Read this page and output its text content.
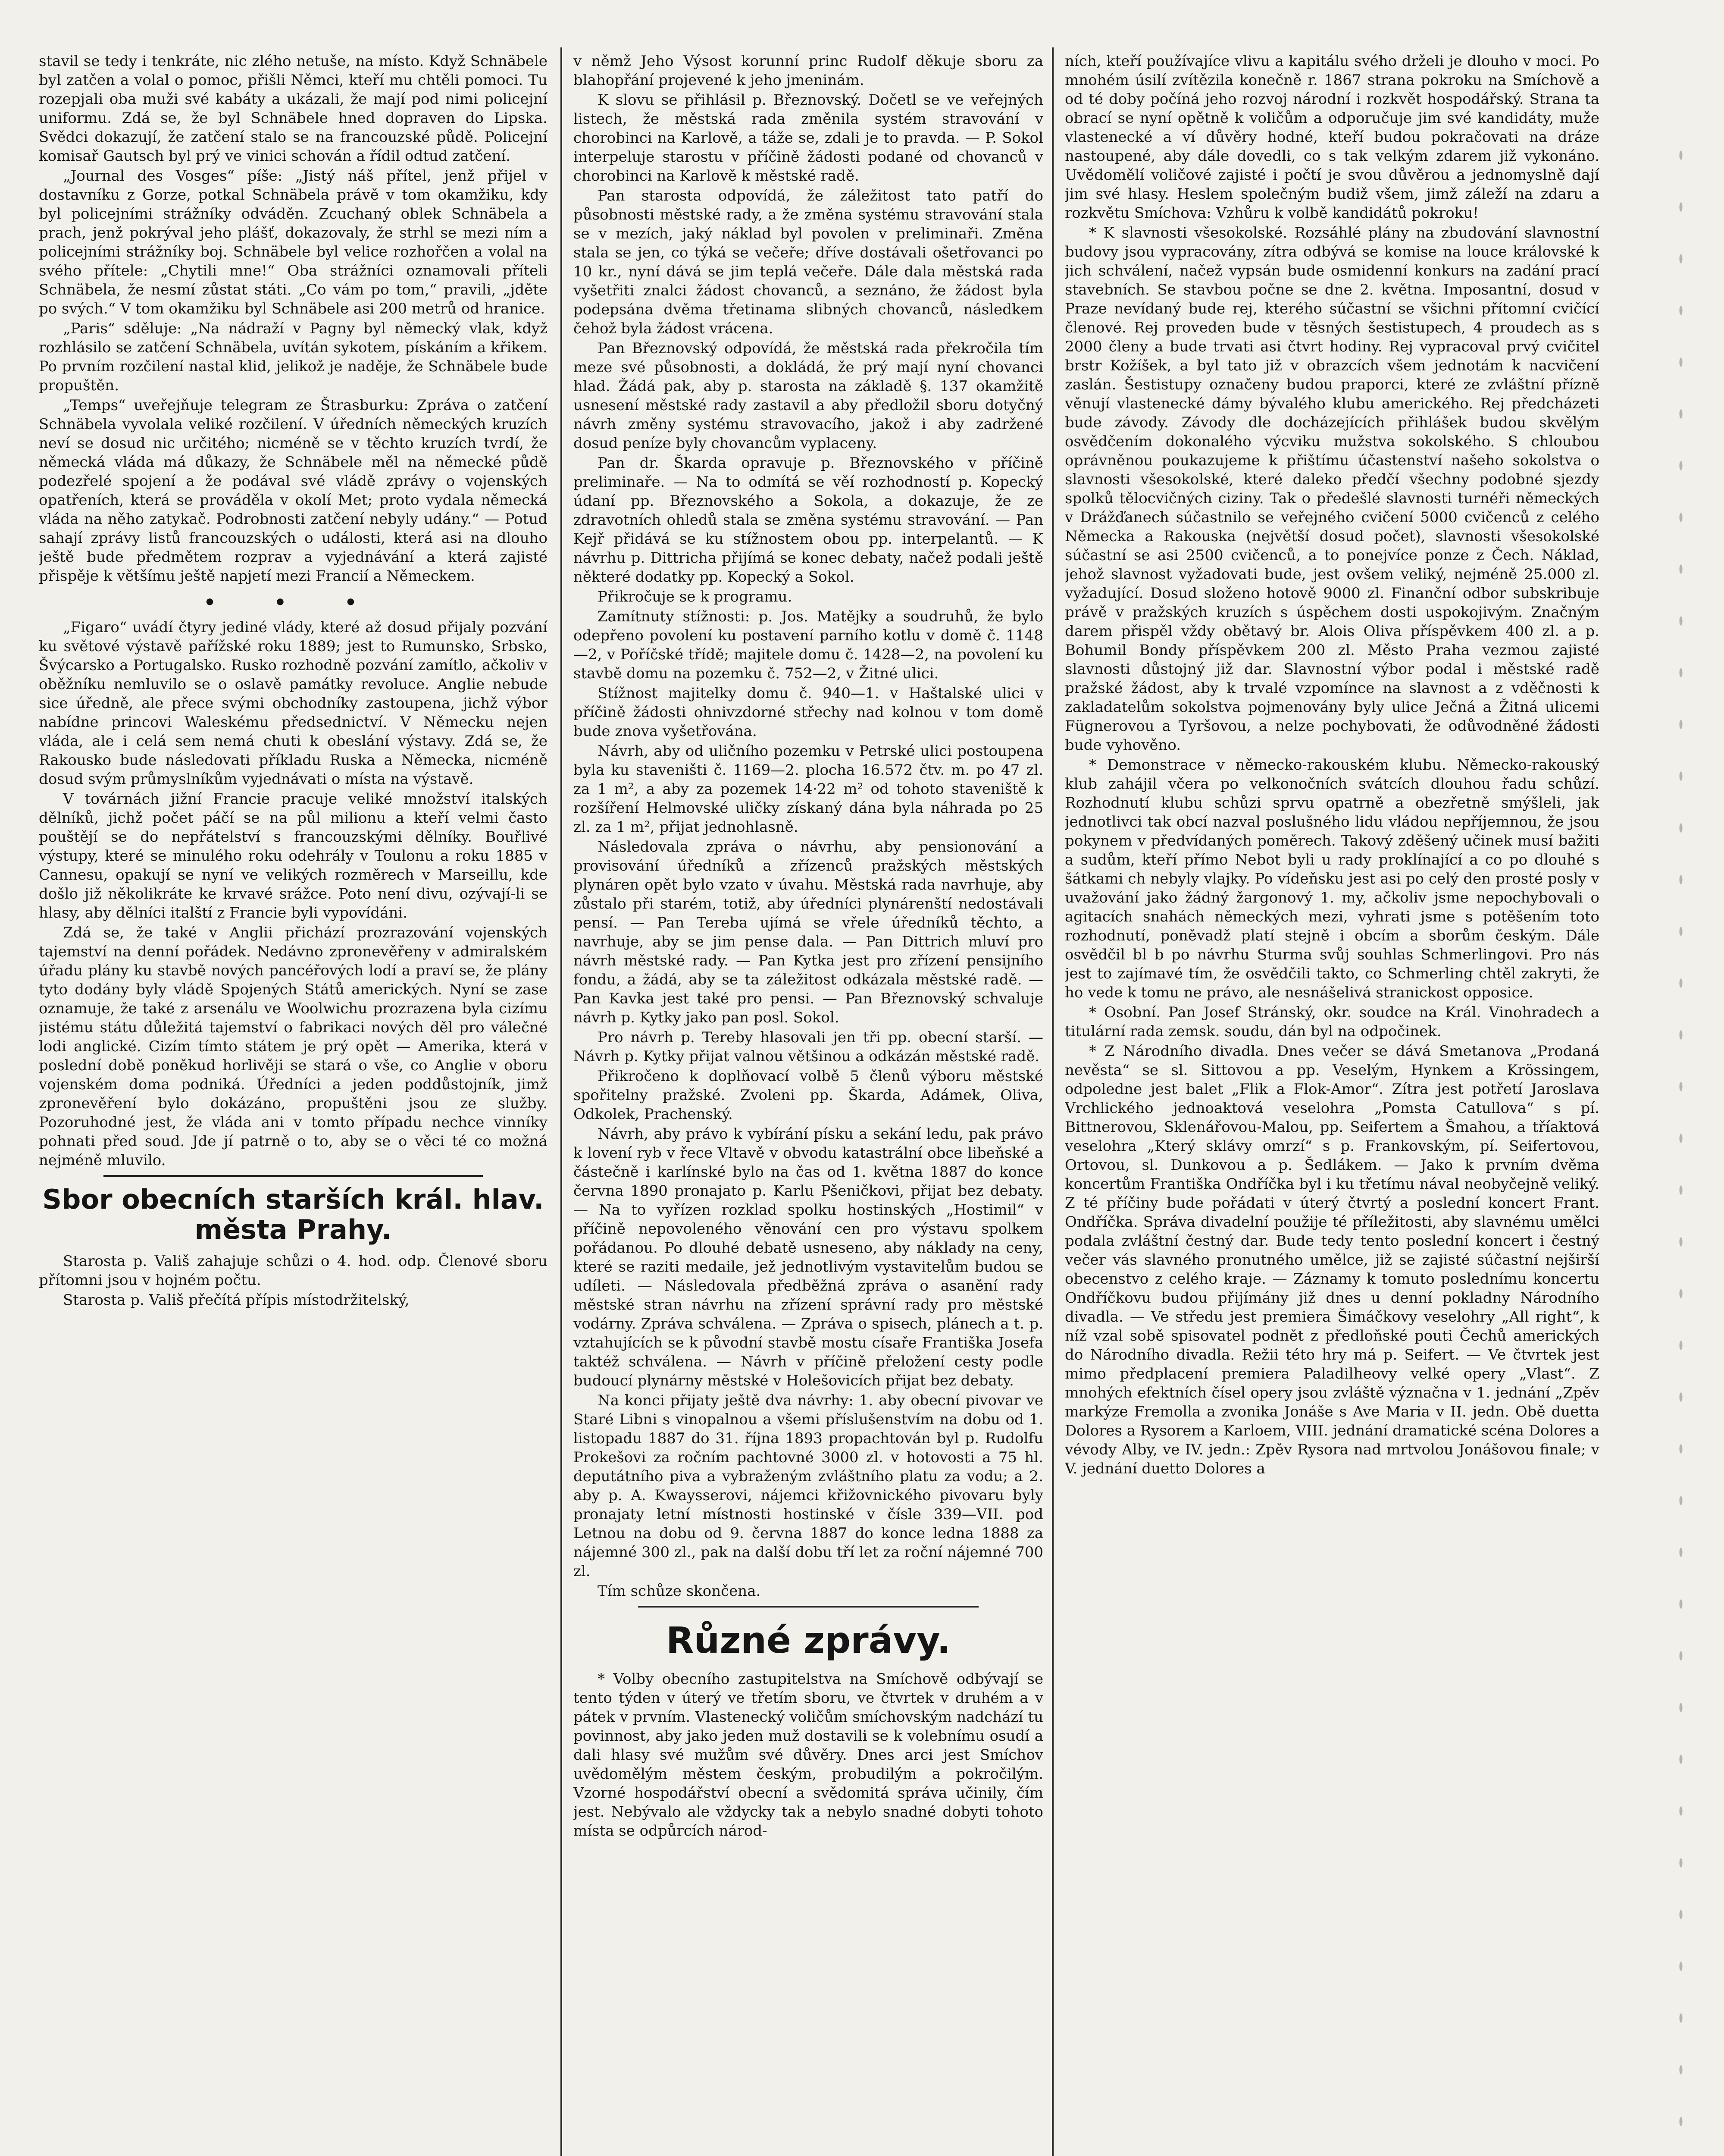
stavil se tedy i tenkráte, nic zlého netuše, na místo. Když Schnäbele byl zatčen a volal o pomoc, přišli Němci, kteří mu chtěli pomoci. Tu rozepjali oba muži své kabáty a ukázali, že mají pod nimi policejní uniformu. Zdá se, že byl Schnäbele hned dopraven do Lipska. Svědci dokazují, že zatčení stalo se na francouzské půdě. Policejní komisař Gautsch byl prý ve vinici schován a řídil odtud zatčení.

„Journal des Vosges“ píše: „Jistý náš přítel, jenž přijel v dostavníku z Gorze, potkal Schnäbela právě v tom okamžiku, kdy byl policejními strážníky odváděn. Zcuchaný oblek Schnäbela a prach, jenž pokrýval jeho plášť, dokazovaly, že strhl se mezi ním a policejními strážníky boj. Schnäbele byl velice rozhořčen a volal na svého přítele: „Chytili mne!“ Oba strážníci oznamovali příteli Schnäbela, že nesmí zůstat státi. „Co vám po tom,“ pravili, „jděte po svých.“ V tom okamžiku byl Schnäbele asi 200 metrů od hranice.

„Paris“ sděluje: „Na nádraží v Pagny byl německý vlak, když rozhlásilo se zatčení Schnäbela, uvítán sykotem, pískáním a křikem. Po prvním rozčilení nastal klid, jelikož je naděje, že Schnäbele bude propuštěn.

„Temps“ uveřejňuje telegram ze Štrasburku: Zpráva o zatčení Schnäbela vyvolala veliké rozčilení. V úředních německých kruzích neví se dosud nic určitého; nicméně se v těchto kruzích tvrdí, že německá vláda má důkazy, že Schnäbele měl na německé půdě podezřelé spojení a že podával své vládě zprávy o vojenských opatřeních, která se prováděla v okolí Met; proto vydala německá vláda na něho zatykač. Podrobnosti zatčení nebyly udány.“ — Potud sahají zprávy listů francouzských o události, která asi na dlouho ještě bude předmětem rozprav a vyjednávání a která zajisté přispěje k většímu ještě napjetí mezi Francií a Německem.

• • •

„Figaro“ uvádí čtyry jediné vlády, které až dosud přijaly pozvání ku světové výstavě pařížské roku 1889; jest to Rumunsko, Srbsko, Švýcarsko a Portugalsko. Rusko rozhodně pozvání zamítlo, ačkoliv v oběžníku nemluvilo se o oslavě památky revoluce. Anglie nebude sice úředně, ale přece svými obchodníky zastoupena, jichž výbor nabídne princovi Waleskému předsednictví. V Německu nejen vláda, ale i celá sem nemá chuti k obeslání výstavy. Zdá se, že Rakousko bude následovati příkladu Ruska a Německa, nicméně dosud svým průmyslníkům vyjednávati o místa na výstavě.

V továrnách jižní Francie pracuje veliké množství italských dělníků, jichž počet páčí se na půl milionu a kteří velmi často pouštějí se do nepřátelství s francouzskými dělníky. Bouřlivé výstupy, které se minulého roku odehrály v Toulonu a roku 1885 v Cannesu, opakují se nyní ve velikých rozměrech v Marseillu, kde došlo již několikráte ke krvavé srážce. Poto není divu, ozývají-li se hlasy, aby dělníci italští z Francie byli vypovídáni.

Zdá se, že také v Anglii přichází prozrazování vojenských tajemství na denní pořádek. Nedávno zpronevěřeny v admiralském úřadu plány ku stavbě nových pancéřových lodí a praví se, že plány tyto dodány byly vládě Spojených Států amerických. Nyní se zase oznamuje, že také z arsenálu ve Woolwichu prozrazena byla cizímu jistému státu důležitá tajemství o fabrikaci nových děl pro válečné lodi anglické. Cizím tímto státem je prý opět — Amerika, která v poslední době poněkud horlivěji se stará o vše, co Anglie v oboru vojenském doma podniká. Úředníci a jeden poddůstojník, jimž zpronevěření bylo dokázáno, propuštěni jsou ze služby. Pozoruhodné jest, že vláda ani v tomto případu nechce vinníky pohnati před soud. Jde jí patrně o to, aby se o věci té co možná nejméně mluvilo.

Sbor obecních starších král. hlav. města Prahy.

Starosta p. Vališ zahajuje schůzi o 4. hod. odp. Členové sboru přítomni jsou v hojném počtu.

Starosta p. Vališ přečítá přípis místodržitelský,

v němž Jeho Výsost korunní princ Rudolf děkuje sboru za blahopřání projevené k jeho jmeninám.

K slovu se přihlásil p. Březnovský. Dočetl se ve veřejných listech, že městská rada změnila systém stravování v chorobinci na Karlově, a táže se, zdali je to pravda. — P. Sokol interpeluje starostu v příčině žádosti podané od chovanců v chorobinci na Karlově k městské radě.

Pan starosta odpovídá, že záležitost tato patří do působnosti městské rady, a že změna systému stravování stala se v mezích, jaký náklad byl povolen v preliminaři. Změna stala se jen, co týká se večeře; dříve dostávali ošetřovanci po 10 kr., nyní dává se jim teplá večeře. Dále dala městská rada vyšetřiti znalci žádost chovanců, a seznáno, že žádost byla podepsána dvěma třetinama slibných chovanců, následkem čehož byla žádost vrácena.

Pan Březnovský odpovídá, že městská rada překročila tím meze své působnosti, a dokládá, že prý mají nyní chovanci hlad. Žádá pak, aby p. starosta na základě §. 137 okamžitě usnesení městské rady zastavil a aby předložil sboru dotyčný návrh změny systému stravovacího, jakož i aby zadržené dosud peníze byly chovancům vyplaceny.

Pan dr. Škarda opravuje p. Březnovského v příčině preliminaře. — Na to odmítá se věí rozhodností p. Kopecký údaní pp. Březnovského a Sokola, a dokazuje, že ze zdravotních ohledů stala se změna systému stravování. — Pan Kejř přidává se ku stížnostem obou pp. interpelantů. — K návrhu p. Dittricha přijímá se konec debaty, načež podali ještě některé dodatky pp. Kopecký a Sokol.

Přikročuje se k programu.

Zamítnuty stížnosti: p. Jos. Matějky a soudruhů, že bylo odepřeno povolení ku postavení parního kotlu v domě č. 1148—2, v Poříčské třídě; majitele domu č. 1428—2, na povolení ku stavbě domu na pozemku č. 752—2, v Žitné ulici.

Stížnost majitelky domu č. 940—1. v Haštalské ulici v příčině žádosti ohnivzdorné střechy nad kolnou v tom domě bude znova vyšetřována.

Návrh, aby od uličního pozemku v Petrské ulici postoupena byla ku staveništi č. 1169—2. plocha 16.572 čtv. m. po 47 zl. za 1 m², a aby za pozemek 14·22 m² od tohoto staveniště k rozšíření Helmovské uličky získaný dána byla náhrada po 25 zl. za 1 m², přijat jednohlasně.

Následovala zpráva o návrhu, aby pensionování a provisování úředníků a zřízenců pražských městských plynáren opět bylo vzato v úvahu. Městská rada navrhuje, aby zůstalo při starém, totiž, aby úředníci plynárenští nedostávali pensí. — Pan Tereba ujímá se vřele úředníků těchto, a navrhuje, aby se jim pense dala. — Pan Dittrich mluví pro návrh městské rady. — Pan Kytka jest pro zřízení pensijního fondu, a žádá, aby se ta záležitost odkázala městské radě. — Pan Kavka jest také pro pensi. — Pan Březnovský schvaluje návrh p. Kytky jako pan posl. Sokol.

Pro návrh p. Tereby hlasovali jen tři pp. obecní starší. — Návrh p. Kytky přijat valnou většinou a odkázán městské radě.

Přikročeno k doplňovací volbě 5 členů výboru městské spořitelny pražské. Zvoleni pp. Škarda, Adámek, Oliva, Odkolek, Prachenský.

Návrh, aby právo k vybírání písku a sekání ledu, pak právo k lovení ryb v řece Vltavě v obvodu katastrální obce libeňské a částečně i karlínské bylo na čas od 1. května 1887 do konce června 1890 pronajato p. Karlu Pšeničkovi, přijat bez debaty. — Na to vyřízen rozklad spolku hostinských „Hostimil“ v příčině nepovoleného věnování cen pro výstavu spolkem pořádanou. Po dlouhé debatě usneseno, aby náklady na ceny, které se raziti medaile, jež jednotlivým vystavitelům budou se udíleti. — Následovala předběžná zpráva o asanění rady městské stran návrhu na zřízení správní rady pro městské vodárny. Zpráva schválena. — Zpráva o spisech, plánech a t. p. vztahujících se k původní stavbě mostu císaře Františka Josefa taktéž schválena. — Návrh v příčině přeložení cesty podle budoucí plynárny městské v Holešovicích přijat bez debaty.

Na konci přijaty ještě dva návrhy: 1. aby obecní pivovar ve Staré Libni s vinopalnou a všemi příslušenstvím na dobu od 1. listopadu 1887 do 31. října 1893 propachtován byl p. Rudolfu Prokešovi za ročním pachtovné 3000 zl. v hotovosti a 75 hl. deputátního piva a vybraženým zvláštního platu za vodu; a 2. aby p. A. Kwaysserovi, nájemci křižovnického pivovaru byly pronajaty letní místnosti hostinské v čísle 339—VII. pod Letnou na dobu od 9. června 1887 do konce ledna 1888 za nájemné 300 zl., pak na další dobu tří let za roční nájemné 700 zl.

Tím schůze skončena.

Různé zprávy.

* Volby obecního zastupitelstva na Smíchově odbývají se tento týden v úterý ve třetím sboru, ve čtvrtek v druhém a v pátek v prvním. Vlastenecký voličům smíchovským nadchází tu povinnost, aby jako jeden muž dostavili se k volebnímu osudí a dali hlasy své mužům své důvěry. Dnes arci jest Smíchov uvědomělým městem českým, probudilým a pokročilým. Vzorné hospodářství obecní a svědomitá správa učinily, čím jest. Nebývalo ale vždycky tak a nebylo snadné dobyti tohoto místa se odpůrcích národ-

ních, kteří používajíce vlivu a kapitálu svého drželi je dlouho v moci. Po mnohém úsilí zvítězila konečně r. 1867 strana pokroku na Smíchově a od té doby počíná jeho rozvoj národní i rozkvět hospodářský. Strana ta obrací se nyní opětně k voličům a odporučuje jim své kandidáty, muže vlastenecké a ví důvěry hodné, kteří budou pokračovati na dráze nastoupené, aby dále dovedli, co s tak velkým zdarem již vykonáno. Uvědomělí voličové zajisté i počtí je svou důvěrou a jednomyslně dají jim své hlasy. Heslem společným budiž všem, jimž záleží na zdaru a rozkvětu Smíchova: Vzhůru k volbě kandidátů pokroku!

* K slavnosti všesokolské. Rozsáhlé plány na zbudování slavnostní budovy jsou vypracovány, zítra odbývá se komise na louce královské k jich schválení, načež vypsán bude osmidenní konkurs na zadání prací stavebních. Se stavbou počne se dne 2. května. Imposantní, dosud v Praze nevídaný bude rej, kterého súčastní se všichni přítomní cvičící členové. Rej proveden bude v těsných šestistupech, 4 proudech as s 2000 členy a bude trvati asi čtvrt hodiny. Rej vypracoval prvý cvičitel brstr Kožíšek, a byl tato již v obrazcích všem jednotám k nacvičení zaslán. Šestistupy označeny budou praporci, které ze zvláštní přízně věnují vlastenecké dámy bývalého klubu amerického. Rej předcházeti bude závody. Závody dle docházejících přihlášek budou skvělým osvědčením dokonalého výcviku mužstva sokolského. S chloubou oprávněnou poukazujeme k přištímu účastenství našeho sokolstva o slavnosti všesokolské, které daleko předčí všechny podobné sjezdy spolků tělocvičných ciziny. Tak o předešlé slavnosti turnéři německých v Drážďanech súčastnilo se veřejného cvičení 5000 cvičenců z celého Německa a Rakouska (největší dosud počet), slavnosti všesokolské súčastní se asi 2500 cvičenců, a to ponejvíce ponze z Čech. Náklad, jehož slavnost vyžadovati bude, jest ovšem veliký, nejméně 25.000 zl. vyžadující. Dosud složeno hotově 9000 zl. Finanční odbor subskribuje právě v pražských kruzích s úspěchem dosti uspokojivým. Značným darem přispěl vždy obětavý br. Alois Oliva příspěvkem 400 zl. a p. Bohumil Bondy příspěvkem 200 zl. Město Praha vezmou zajisté slavnosti důstojný již dar. Slavnostní výbor podal i městské radě pražské žádost, aby k trvalé vzpomínce na slavnost a z vděčnosti k zakladatelům sokolstva pojmenovány byly ulice Ječná a Žitná ulicemi Fügnerovou a Tyršovou, a nelze pochybovati, že odůvodněné žádosti bude vyhověno.

* Demonstrace v německo-rakouském klubu. Německo-rakouský klub zahájil včera po velkonočních svátcích dlouhou řadu schůzí. Rozhodnutí klubu schůzi sprvu opatrně a obezřetně smýšleli, jak jednotlivci tak obcí nazval poslušného lidu vládou nepříjemnou, že jsou pokynem v předvídaných poměrech. Takový zděšený učinek musí bažiti a sudům, kteří přímo Nebot byli u rady proklínající a co po dlouhé s šátkami ch nebyly vlajky. Po vídeňsku jest asi po celý den prosté posly v uvažování jako žádný žargonový 1. my, ačkoliv jsme nepochybovali o agitacích snahách německých mezi, vyhrati jsme s potěšením toto rozhodnutí, poněvadž platí stejně i obcím a sborům českým. Dále osvědčil bl b po návrhu Sturma svůj souhlas Schmerlingovi. Pro nás jest to zajímavé tím, že osvědčili takto, co Schmerling chtěl zakryti, že ho vede k tomu ne právo, ale nesnášelivá stranickost opposice.

* Osobní. Pan Josef Stránský, okr. soudce na Král. Vinohradech a titulární rada zemsk. soudu, dán byl na odpočinek.

* Z Národního divadla. Dnes večer se dává Smetanova „Prodaná nevěsta“ se sl. Sittovou a pp. Veselým, Hynkem a Krössingem, odpoledne jest balet „Flik a Flok-Amor“. Zítra jest potřetí Jaroslava Vrchlického jednoaktová veselohra „Pomsta Catullova“ s pí. Bittnerovou, Sklenářovou-Malou, pp. Seifertem a Šmahou, a tříaktová veselohra „Který sklávy omrzí“ s p. Frankovským, pí. Seifertovou, Ortovou, sl. Dunkovou a p. Šedlákem. — Jako k prvním dvěma koncertům Františka Ondříčka byl i ku třetímu nával neobyčejně veliký. Z té příčiny bude pořádati v úterý čtvrtý a poslední koncert Frant. Ondříčka. Správa divadelní použije té příležitosti, aby slavnému umělci podala zvláštní čestný dar. Bude tedy tento poslední koncert i čestný večer vás slavného pronutného umělce, již se zajisté súčastní nejširší obecenstvo z celého kraje. — Záznamy k tomuto poslednímu koncertu Ondříčkovu budou přijímány již dnes u denní pokladny Národního divadla. — Ve středu jest premiera Šimáčkovy veselohry „All right“, k níž vzal sobě spisovatel podnět z předloňské pouti Čechů amerických do Národního divadla. Režii této hry má p. Seifert. — Ve čtvrtek jest mimo předplacení premiera Paladilheovy velké opery „Vlast“. Z mnohých efektních čísel opery jsou zvláště význačna v 1. jednání „Zpěv markýze Fremolla a zvonika Jonáše s Ave Maria v II. jedn. Obě duetta Dolores a Rysorem a Karloem, VIII. jednání dramatické scéna Dolores a vévody Alby, ve IV. jedn.: Zpěv Rysora nad mrtvolou Jonášovou finale; v V. jednání duetto Dolores a
